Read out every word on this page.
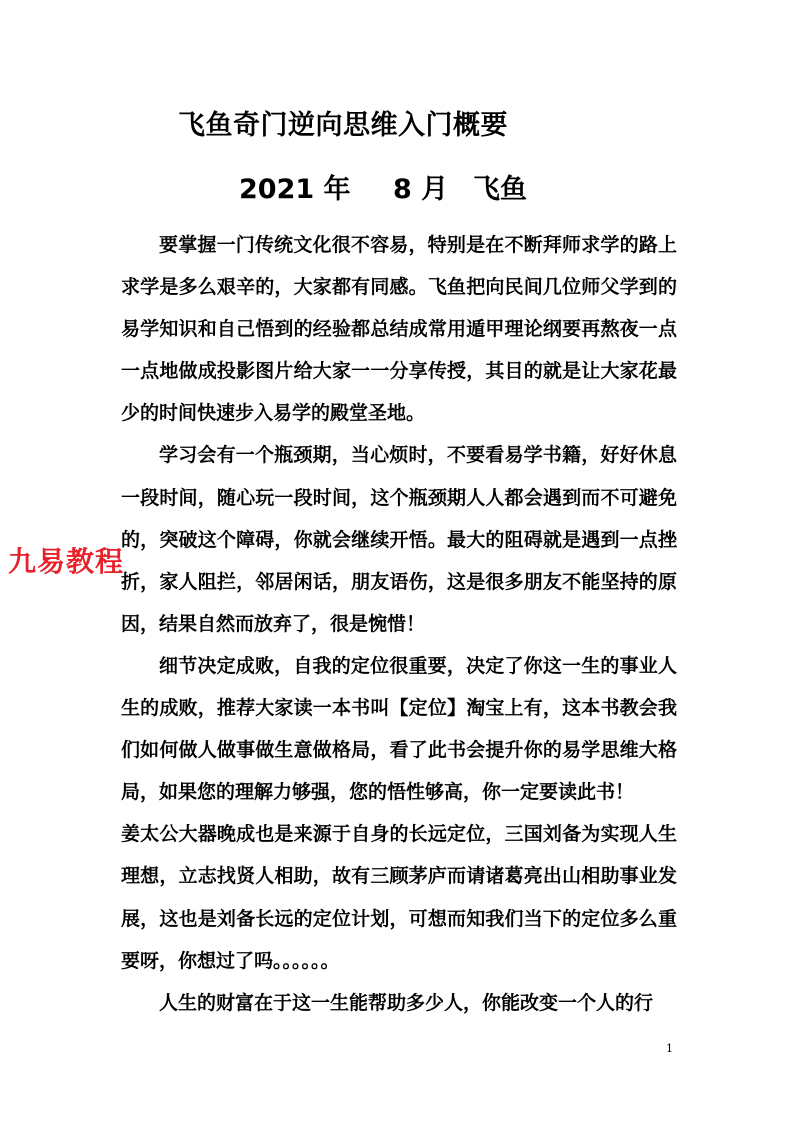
飞鱼奇门逆向思维入门概要
2021 年 8 月 飞鱼

要掌握一门传统文化很不容易，特别是在不断拜师求学的路上求学是多么艰辛的，大家都有同感。飞鱼把向民间几位师父学到的易学知识和自己悟到的经验都总结成常用遁甲理论纲要再熬夜一点一点地做成投影图片给大家一一分享传授，其目的就是让大家花最少的时间快速步入易学的殿堂圣地。

学习会有一个瓶颈期，当心烦时，不要看易学书籍，好好休息一段时间，随心玩一段时间，这个瓶颈期人人都会遇到而不可避免的，突破这个障碍，你就会继续开悟。最大的阻碍就是遇到一点挫折，家人阻拦，邻居闲话，朋友语伤，这是很多朋友不能坚持的原因，结果自然而放弃了，很是惋惜！

细节决定成败，自我的定位很重要，决定了你这一生的事业人生的成败，推荐大家读一本书叫【定位】淘宝上有，这本书教会我们如何做人做事做生意做格局，看了此书会提升你的易学思维大格局，如果您的理解力够强，您的悟性够高，你一定要读此书！

姜太公大器晚成也是来源于自身的长远定位，三国刘备为实现人生理想，立志找贤人相助，故有三顾茅庐而请诸葛亮出山相助事业发展，这也是刘备长远的定位计划，可想而知我们当下的定位多么重要呀，你想过了吗。。。。。。

人生的财富在于这一生能帮助多少人，你能改变一个人的行

九易教程
1
